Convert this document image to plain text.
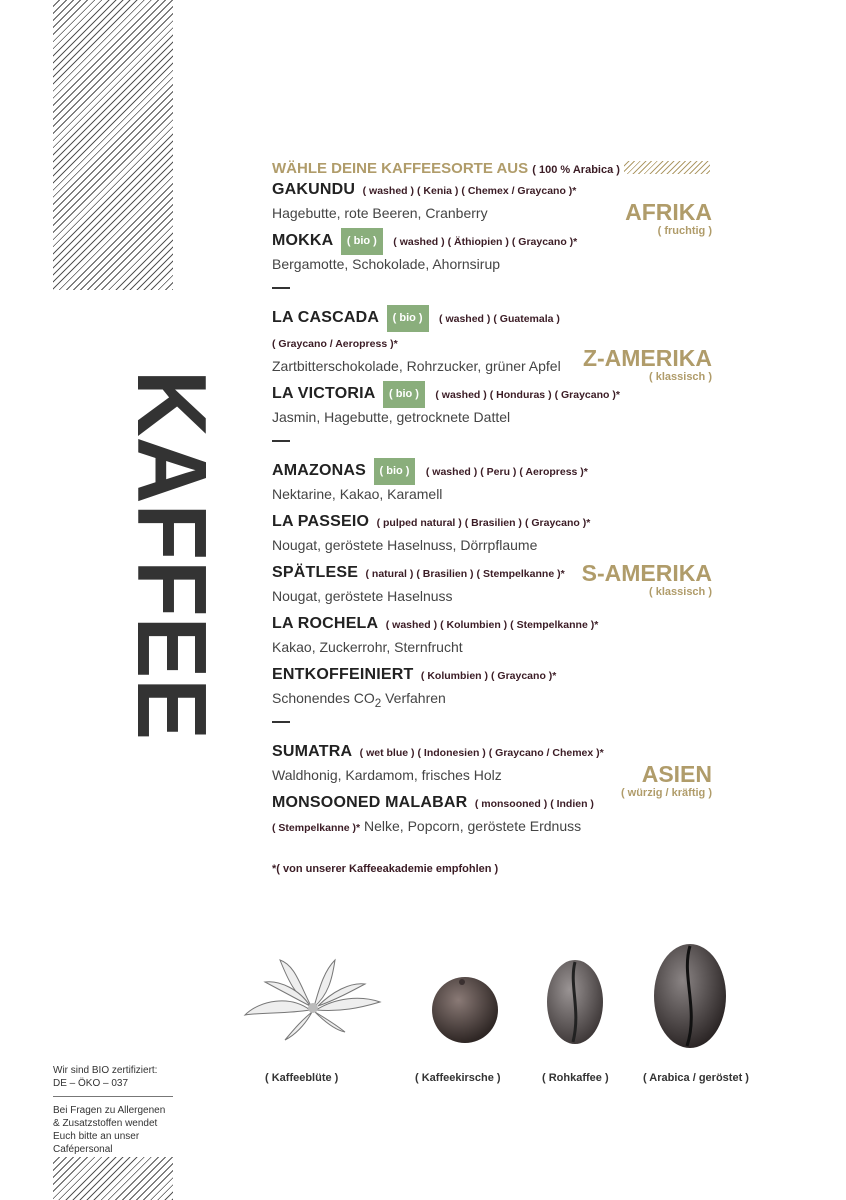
KAFFEE
Wir sind BIO zertifiziert: DE – ÖKO – 037
Bei Fragen zu Allergenen & Zusatzstoffen wendet Euch bitte an unser Cafépersonal
WÄHLE DEINE KAFFEESORTE AUS ( 100 % Arabica )
AFRIKA
( fruchtig )
GAKUNDU ( washed ) ( Kenia ) ( Chemex / Graycano )*
Hagebutte, rote Beeren, Cranberry
MOKKA ( bio ) ( washed ) ( Äthiopien ) ( Graycano )*
Bergamotte, Schokolade, Ahornsirup
Z-AMERIKA
( klassisch )
LA CASCADA ( bio ) ( washed ) ( Guatemala )
( Graycano / Aeropress )*
Zartbitterschokolade, Rohrzucker, grüner Apfel
LA VICTORIA ( bio ) ( washed ) ( Honduras ) ( Graycano )*
Jasmin, Hagebutte, getrocknete Dattel
S-AMERIKA
( klassisch )
AMAZONAS ( bio ) ( washed ) ( Peru ) ( Aeropress )*
Nektarine, Kakao, Karamell
LA PASSEIO ( pulped natural ) ( Brasilien ) ( Graycano )*
Nougat, geröstete Haselnuss, Dörrpflaume
SPÄTLESE ( natural ) ( Brasilien ) ( Stempelkanne )*
Nougat, geröstete Haselnuss
LA ROCHELA ( washed ) ( Kolumbien ) ( Stempelkanne )*
Kakao, Zuckerrohr, Sternfrucht
ENTKOFFEINIERT ( Kolumbien ) ( Graycano )*
Schonendes $CO_2$ Verfahren
ASIEN
( würzig / kräftig )
SUMATRA ( wet blue ) ( Indonesien ) ( Graycano / Chemex )*
Waldhonig, Kardamom, frisches Holz
MONSOONED MALABAR ( monsooned ) ( Indien )
( Stempelkanne )* Nelke, Popcorn, geröstete Erdnuss
*( von unserer Kaffeeakademie empfohlen )
( Kaffeeblüte )	( Kaffeekirsche )	( Rohkaffee )	( Arabica / geröstet )
